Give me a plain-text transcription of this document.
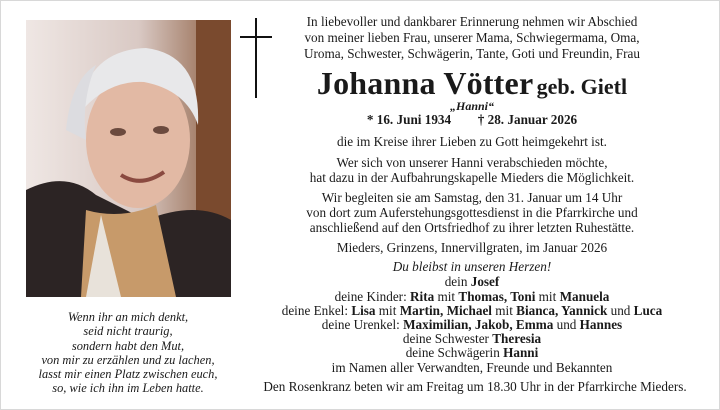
In liebevoller und dankbarer Erinnerung nehmen wir Abschied
von meiner lieben Frau, unserer Mama, Schwiegermama, Oma,
Uroma, Schwester, Schwägerin, Tante, Goti und Freundin, Frau
Johanna Vötter geb. Gietl
„Hanni“
* 16. Juni 1934 † 28. Januar 2026
die im Kreise ihrer Lieben zu Gott heimgekehrt ist.
Wer sich von unserer Hanni verabschieden möchte,
hat dazu in der Aufbahrungskapelle Mieders die Möglichkeit.
Wir begleiten sie am Samstag, den 31. Januar um 14 Uhr
von dort zum Auferstehungsgottesdienst in die Pfarrkirche und
anschließend auf den Ortsfriedhof zu ihrer letzten Ruhestätte.
Mieders, Grinzens, Innervillgraten, im Januar 2026
Du bleibst in unseren Herzen!
dein Josef
deine Kinder: Rita mit Thomas, Toni mit Manuela
deine Enkel: Lisa mit Martin, Michael mit Bianca, Yannick und Luca
deine Urenkel: Maximilian, Jakob, Emma und Hannes
deine Schwester Theresia
deine Schwägerin Hanni
im Namen aller Verwandten, Freunde und Bekannten
Den Rosenkranz beten wir am Freitag um 18.30 Uhr in der Pfarrkirche Mieders.
Wenn ihr an mich denkt,
seid nicht traurig,
sondern habt den Mut,
von mir zu erzählen und zu lachen,
lasst mir einen Platz zwischen euch,
so, wie ich ihn im Leben hatte.
